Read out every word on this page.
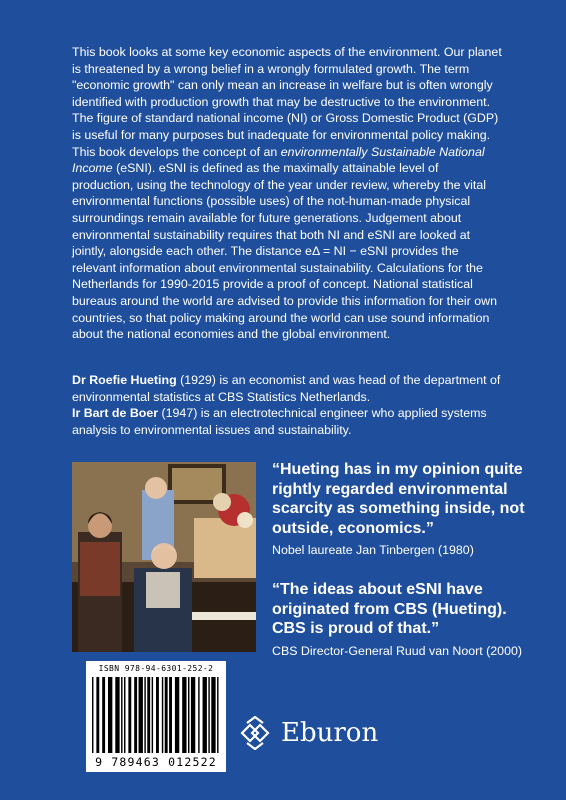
This book looks at some key economic aspects of the environment. Our planet is threatened by a wrong belief in a wrongly formulated growth. The term "economic growth" can only mean an increase in welfare but is often wrongly identified with production growth that may be destructive to the environment. The figure of standard national income (NI) or Gross Domestic Product (GDP) is useful for many purposes but inadequate for environmental policy making. This book develops the concept of an environmentally Sustainable National Income (eSNI). eSNI is defined as the maximally attainable level of production, using the technology of the year under review, whereby the vital environmental functions (possible uses) of the not-human-made physical surroundings remain available for future generations. Judgement about environmental sustainability requires that both NI and eSNI are looked at jointly, alongside each other. The distance eΔ = NI − eSNI provides the relevant information about environmental sustainability. Calculations for the Netherlands for 1990-2015 provide a proof of concept. National statistical bureaus around the world are advised to provide this information for their own countries, so that policy making around the world can use sound information about the national economies and the global environment.

Dr Roefie Hueting (1929) is an economist and was head of the department of environmental statistics at CBS Statistics Netherlands.
Ir Bart de Boer (1947) is an electrotechnical engineer who applied systems analysis to environmental issues and sustainability.

“Hueting has in my opinion quite rightly regarded environmental scarcity as something inside, not outside, economics.”

Nobel laureate Jan Tinbergen (1980)

“The ideas about eSNI have originated from CBS (Hueting). CBS is proud of that.”

CBS Director-General Ruud van Noort (2000)

ISBN 978-94-6301-252-2
9 789463 012522
Eburon
